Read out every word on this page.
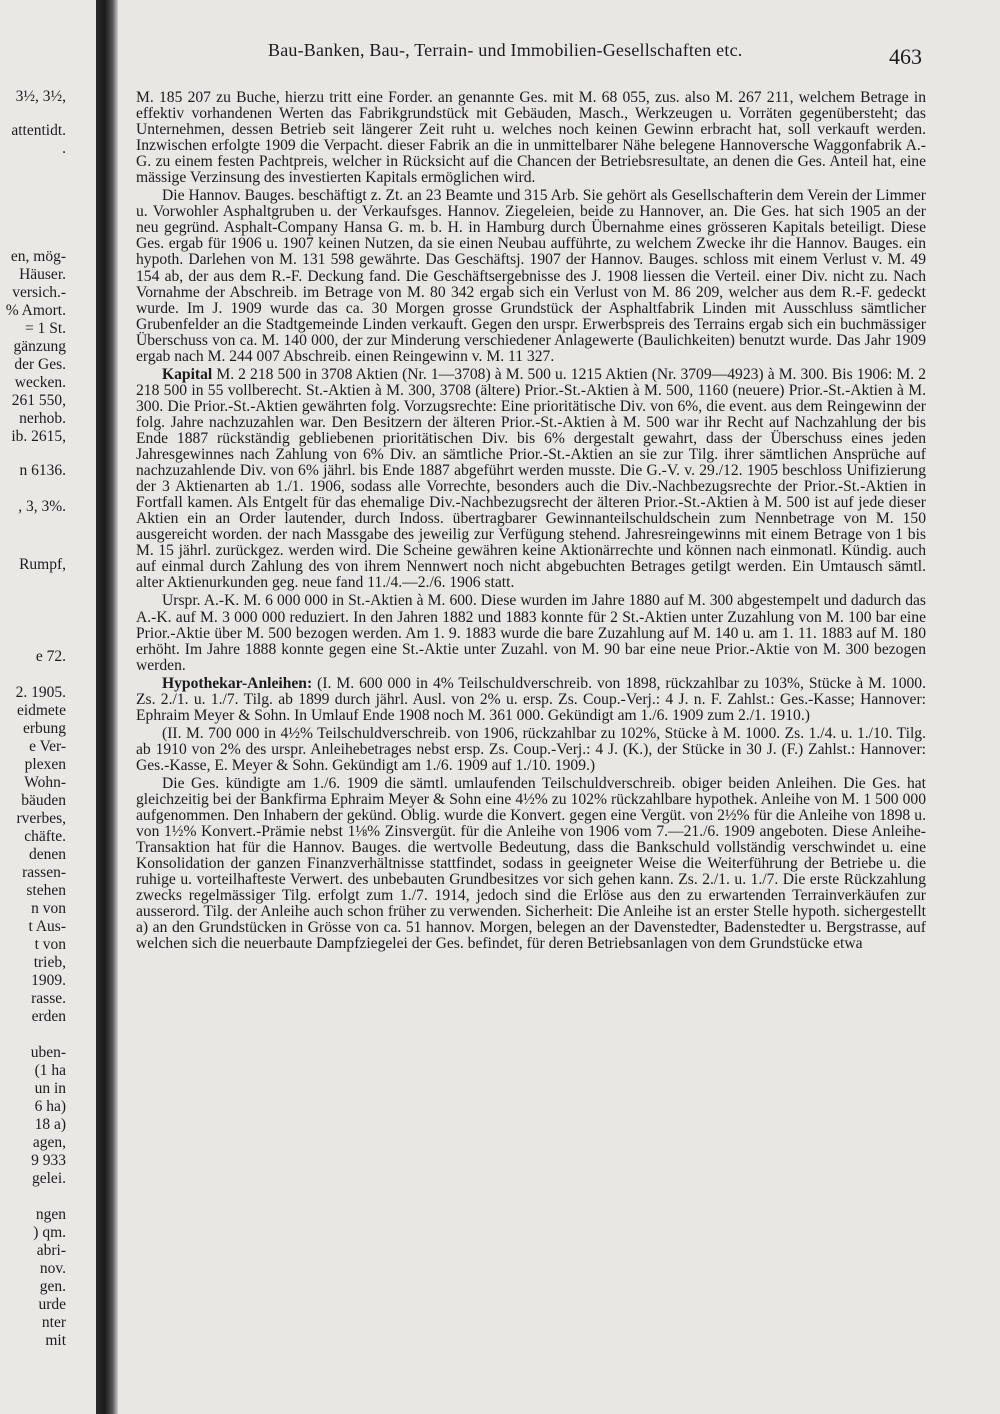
3½, 3½,
attentidt.
.
en, mög-
Häuser.
versich.-
% Amort.
= 1 St.
gänzung
der Ges.
wecken.
261 550,
nerhob.
ib. 2615,
n 6136.
, 3, 3%.
Rumpf,
e 72.
2. 1905.
eidmete
erbung
e Ver-
plexen
Wohn-
bäuden
rverbes,
chäfte.
denen
rassen-
stehen
n von
t Aus-
t von
trieb,
1909.
rasse.
erden
uben-
(1 ha
un in
6 ha)
18 a)
agen,
9 933
gelei.
ngen
) qm.
abri-
nov.
gen.
urde
nter
mit
Bau-Banken, Bau-, Terrain- und Immobilien-Gesellschaften etc.	463

M. 185 207 zu Buche, hierzu tritt eine Forder. an genannte Ges. mit M. 68 055, zus. also M. 267 211, welchem Betrage in effektiv vorhandenen Werten das Fabrikgrundstück mit Gebäuden, Masch., Werkzeugen u. Vorräten gegenübersteht; das Unternehmen, dessen Betrieb seit längerer Zeit ruht u. welches noch keinen Gewinn erbracht hat, soll verkauft werden. Inzwischen erfolgte 1909 die Verpacht. dieser Fabrik an die in unmittelbarer Nähe belegene Hannoversche Waggonfabrik A.-G. zu einem festen Pachtpreis, welcher in Rücksicht auf die Chancen der Betriebsresultate, an denen die Ges. Anteil hat, eine mässige Verzinsung des investierten Kapitals ermöglichen wird.

Die Hannov. Bauges. beschäftigt z. Zt. an 23 Beamte und 315 Arb. Sie gehört als Gesellschafterin dem Verein der Limmer u. Vorwohler Asphaltgruben u. der Verkaufsges. Hannov. Ziegeleien, beide zu Hannover, an. Die Ges. hat sich 1905 an der neu gegründ. Asphalt-Company Hansa G. m. b. H. in Hamburg durch Übernahme eines grösseren Kapitals beteiligt. Diese Ges. ergab für 1906 u. 1907 keinen Nutzen, da sie einen Neubau aufführte, zu welchem Zwecke ihr die Hannov. Bauges. ein hypoth. Darlehen von M. 131 598 gewährte. Das Geschäftsj. 1907 der Hannov. Bauges. schloss mit einem Verlust v. M. 49 154 ab, der aus dem R.-F. Deckung fand. Die Geschäftsergebnisse des J. 1908 liessen die Verteil. einer Div. nicht zu. Nach Vornahme der Abschreib. im Betrage von M. 80 342 ergab sich ein Verlust von M. 86 209, welcher aus dem R.-F. gedeckt wurde. Im J. 1909 wurde das ca. 30 Morgen grosse Grundstück der Asphaltfabrik Linden mit Ausschluss sämtlicher Grubenfelder an die Stadtgemeinde Linden verkauft. Gegen den urspr. Erwerbspreis des Terrains ergab sich ein buchmässiger Überschuss von ca. M. 140 000, der zur Minderung verschiedener Anlagewerte (Baulichkeiten) benutzt wurde. Das Jahr 1909 ergab nach M. 244 007 Abschreib. einen Reingewinn v. M. 11 327.

Kapital M. 2 218 500 in 3708 Aktien (Nr. 1—3708) à M. 500 u. 1215 Aktien (Nr. 3709—4923) à M. 300. Bis 1906: M. 2 218 500 in 55 vollberecht. St.-Aktien à M. 300, 3708 (ältere) Prior.-St.-Aktien à M. 500, 1160 (neuere) Prior.-St.-Aktien à M. 300. Die Prior.-St.-Aktien gewährten folg. Vorzugsrechte: Eine prioritätische Div. von 6%, die event. aus dem Reingewinn der folg. Jahre nachzuzahlen war. Den Besitzern der älteren Prior.-St.-Aktien à M. 500 war ihr Recht auf Nachzahlung der bis Ende 1887 rückständig gebliebenen prioritätischen Div. bis 6% dergestalt gewahrt, dass der Überschuss eines jeden Jahresgewinnes nach Zahlung von 6% Div. an sämtliche Prior.-St.-Aktien an sie zur Tilg. ihrer sämtlichen Ansprüche auf nachzuzahlende Div. von 6% jährl. bis Ende 1887 abgeführt werden musste. Die G.-V. v. 29./12. 1905 beschloss Unifizierung der 3 Aktienarten ab 1./1. 1906, sodass alle Vorrechte, besonders auch die Div.-Nachbezugsrechte der Prior.-St.-Aktien in Fortfall kamen. Als Entgelt für das ehemalige Div.-Nachbezugsrecht der älteren Prior.-St.-Aktien à M. 500 ist auf jede dieser Aktien ein an Order lautender, durch Indoss. übertragbarer Gewinnanteilschuldschein zum Nennbetrage von M. 150 ausgereicht worden. der nach Massgabe des jeweilig zur Verfügung stehend. Jahresreingewinns mit einem Betrage von 1 bis M. 15 jährl. zurückgez. werden wird. Die Scheine gewähren keine Aktionärrechte und können nach einmonatl. Kündig. auch auf einmal durch Zahlung des von ihrem Nennwert noch nicht abgebuchten Betrages getilgt werden. Ein Umtausch sämtl. alter Aktienurkunden geg. neue fand 11./4.—2./6. 1906 statt.

Urspr. A.-K. M. 6 000 000 in St.-Aktien à M. 600. Diese wurden im Jahre 1880 auf M. 300 abgestempelt und dadurch das A.-K. auf M. 3 000 000 reduziert. In den Jahren 1882 und 1883 konnte für 2 St.-Aktien unter Zuzahlung von M. 100 bar eine Prior.-Aktie über M. 500 bezogen werden. Am 1. 9. 1883 wurde die bare Zuzahlung auf M. 140 u. am 1. 11. 1883 auf M. 180 erhöht. Im Jahre 1888 konnte gegen eine St.-Aktie unter Zuzahl. von M. 90 bar eine neue Prior.-Aktie von M. 300 bezogen werden.

Hypothekar-Anleihen: (I. M. 600 000 in 4% Teilschuldverschreib. von 1898, rückzahlbar zu 103%, Stücke à M. 1000. Zs. 2./1. u. 1./7. Tilg. ab 1899 durch jährl. Ausl. von 2% u. ersp. Zs. Coup.-Verj.: 4 J. n. F. Zahlst.: Ges.-Kasse; Hannover: Ephraim Meyer & Sohn. In Umlauf Ende 1908 noch M. 361 000. Gekündigt am 1./6. 1909 zum 2./1. 1910.)

(II. M. 700 000 in 4½% Teilschuldverschreib. von 1906, rückzahlbar zu 102%, Stücke à M. 1000. Zs. 1./4. u. 1./10. Tilg. ab 1910 von 2% des urspr. Anleihebetrages nebst ersp. Zs. Coup.-Verj.: 4 J. (K.), der Stücke in 30 J. (F.) Zahlst.: Hannover: Ges.-Kasse, E. Meyer & Sohn. Gekündigt am 1./6. 1909 auf 1./10. 1909.)

Die Ges. kündigte am 1./6. 1909 die sämtl. umlaufenden Teilschuldverschreib. obiger beiden Anleihen. Die Ges. hat gleichzeitig bei der Bankfirma Ephraim Meyer & Sohn eine 4½% zu 102% rückzahlbare hypothek. Anleihe von M. 1 500 000 aufgenommen. Den Inhabern der gekünd. Oblig. wurde die Konvert. gegen eine Vergüt. von 2½% für die Anleihe von 1898 u. von 1½% Konvert.-Prämie nebst 1⅛% Zinsvergüt. für die Anleihe von 1906 vom 7.—21./6. 1909 angeboten. Diese Anleihe-Transaktion hat für die Hannov. Bauges. die wertvolle Bedeutung, dass die Bankschuld vollständig verschwindet u. eine Konsolidation der ganzen Finanzverhältnisse stattfindet, sodass in geeigneter Weise die Weiterführung der Betriebe u. die ruhige u. vorteilhafteste Verwert. des unbebauten Grundbesitzes vor sich gehen kann. Zs. 2./1. u. 1./7. Die erste Rückzahlung zwecks regelmässiger Tilg. erfolgt zum 1./7. 1914, jedoch sind die Erlöse aus den zu erwartenden Terrainverkäufen zur ausserord. Tilg. der Anleihe auch schon früher zu verwenden. Sicherheit: Die Anleihe ist an erster Stelle hypoth. sichergestellt a) an den Grundstücken in Grösse von ca. 51 hannov. Morgen, belegen an der Davenstedter, Badenstedter u. Bergstrasse, auf welchen sich die neuerbaute Dampfziegelei der Ges. befindet, für deren Betriebsanlagen von dem Grundstücke etwa
